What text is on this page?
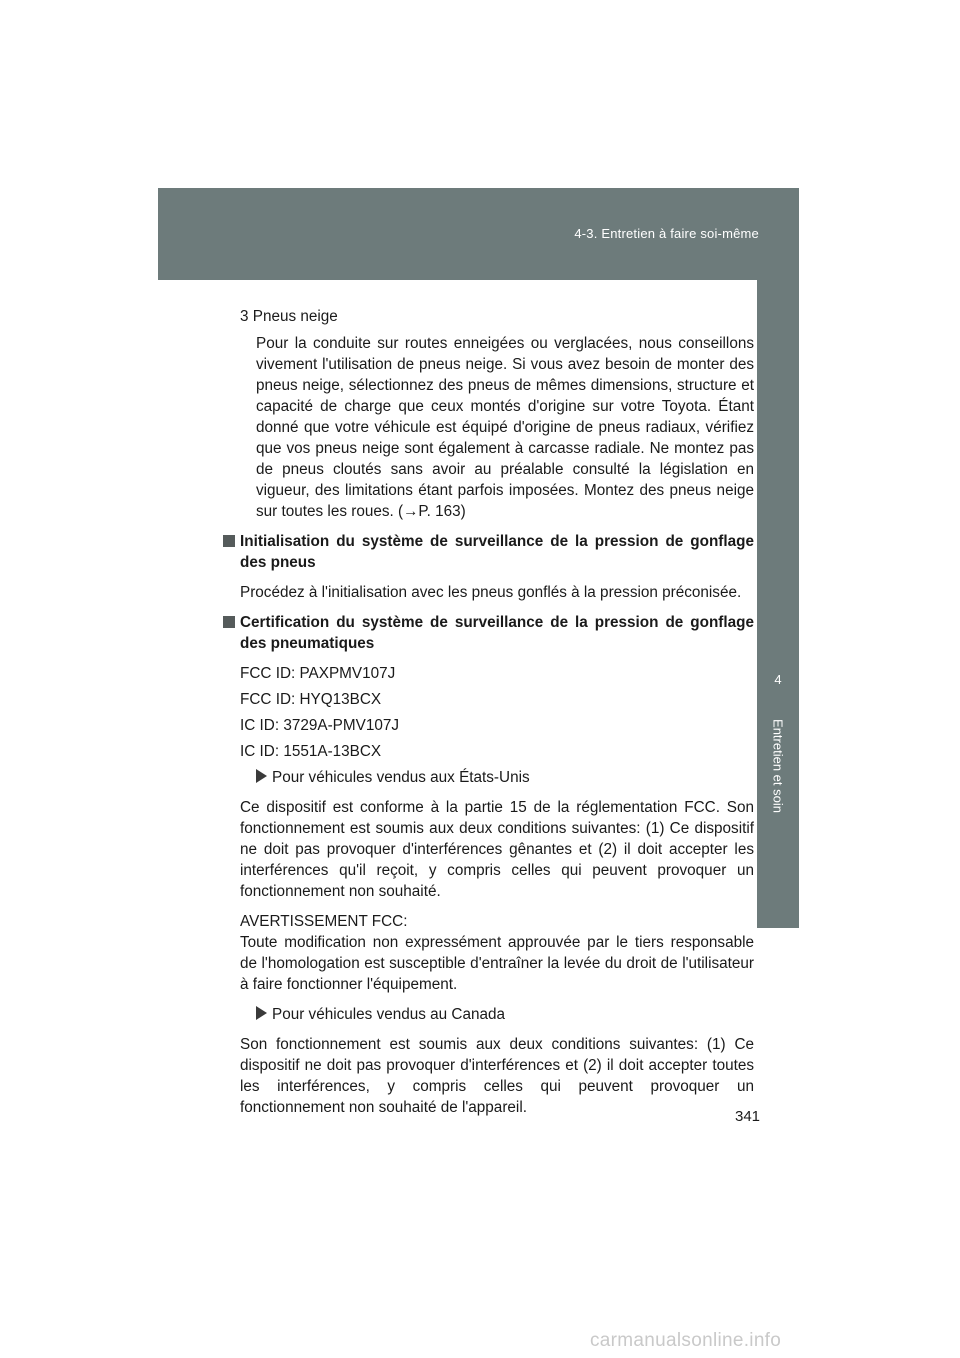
4-3. Entretien à faire soi-même
4
Entretien et soin

3 Pneus neige

Pour la conduite sur routes enneigées ou verglacées, nous conseillons vivement l'utilisation de pneus neige. Si vous avez besoin de monter des pneus neige, sélectionnez des pneus de mêmes dimensions, structure et capacité de charge que ceux montés d'origine sur votre Toyota. Étant donné que votre véhicule est équipé d'origine de pneus radiaux, vérifiez que vos pneus neige sont également à carcasse radiale. Ne montez pas de pneus cloutés sans avoir au préalable consulté la législation en vigueur, des limitations étant parfois imposées. Montez des pneus neige sur toutes les roues. (→P. 163)

Initialisation du système de surveillance de la pression de gonflage des pneus

Procédez à l'initialisation avec les pneus gonflés à la pression préconisée.

Certification du système de surveillance de la pression de gonflage des pneumatiques

FCC ID: PAXPMV107J

FCC ID: HYQ13BCX

IC ID: 3729A-PMV107J

IC ID: 1551A-13BCX

Pour véhicules vendus aux États-Unis

Ce dispositif est conforme à la partie 15 de la réglementation FCC. Son fonctionnement est soumis aux deux conditions suivantes: (1) Ce dispositif ne doit pas provoquer d'interférences gênantes et (2) il doit accepter les interférences qu'il reçoit, y compris celles qui peuvent provoquer un fonctionnement non souhaité.

AVERTISSEMENT FCC:

Toute modification non expressément approuvée par le tiers responsable de l'homologation est susceptible d'entraîner la levée du droit de l'utilisateur à faire fonctionner l'équipement.

Pour véhicules vendus au Canada

Son fonctionnement est soumis aux deux conditions suivantes: (1) Ce dispositif ne doit pas provoquer d'interférences et (2) il doit accepter toutes les interférences, y compris celles qui peuvent provoquer un fonctionnement non souhaité de l'appareil.

341
carmanualsonline.info
